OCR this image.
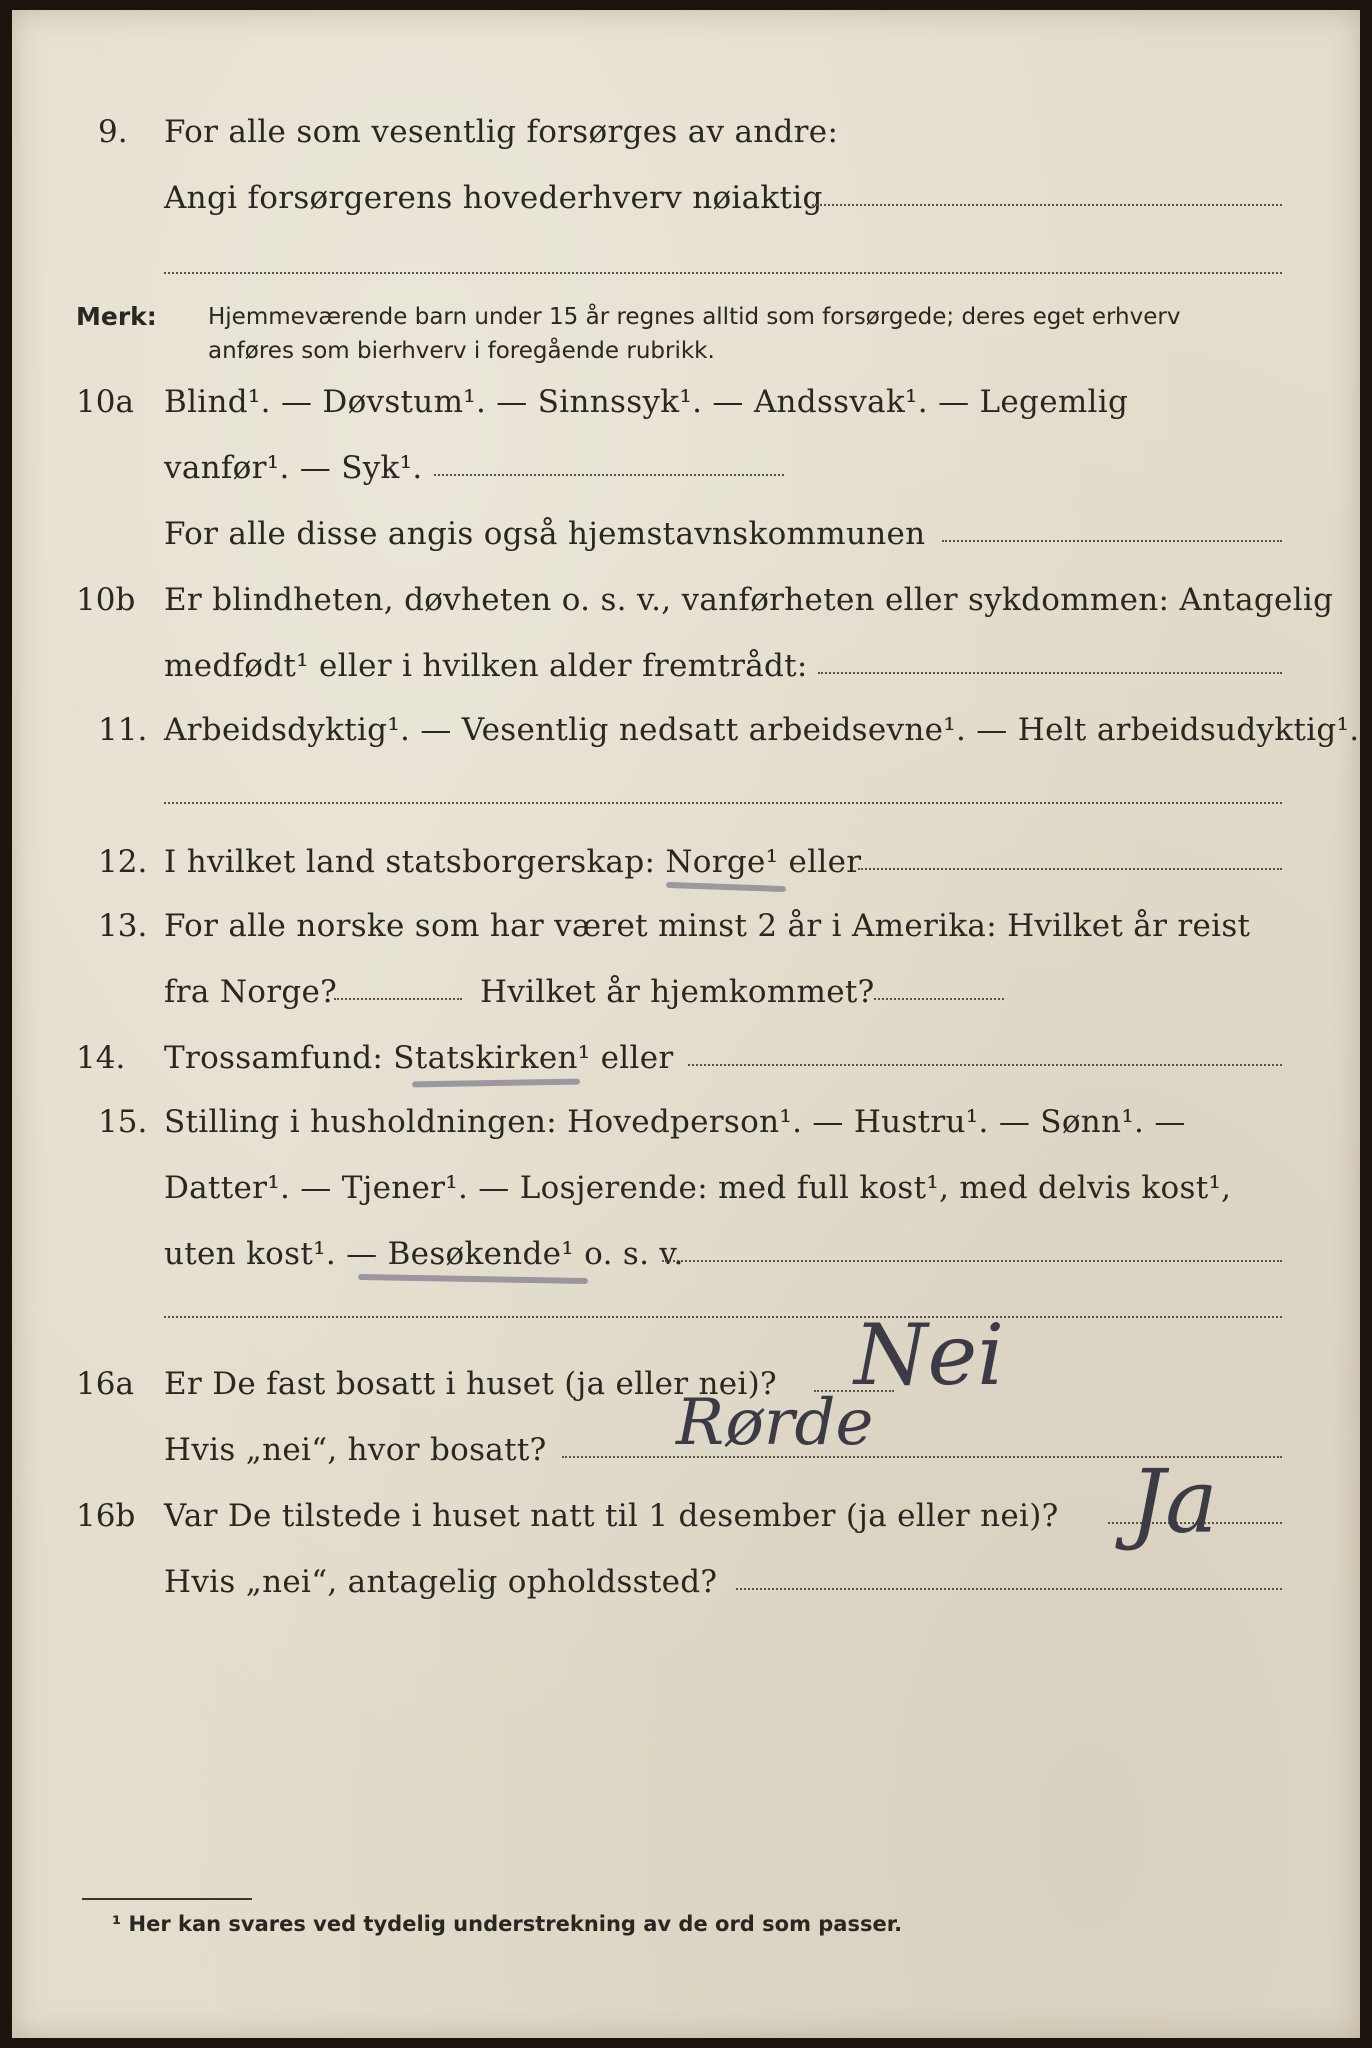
9. For alle som vesentlig forsørges av andre:
Angi forsørgerens hovederhverv nøiaktig
Merk: Hjemmeværende barn under 15 år regnes alltid som forsørgede; deres eget erhverv
anføres som bierhverv i foregående rubrikk.
10a Blind¹. — Døvstum¹. — Sinnssyk¹. — Andssvak¹. — Legemlig
vanfør¹. — Syk¹.
For alle disse angis også hjemstavnskommunen
10b Er blindheten, døvheten o. s. v., vanførheten eller sykdommen: Antagelig
medfødt¹ eller i hvilken alder fremtrådt:
11. Arbeidsdyktig¹. — Vesentlig nedsatt arbeidsevne¹. — Helt arbeidsudyktig¹.
12. I hvilket land statsborgerskap: Norge¹ eller
13. For alle norske som har været minst 2 år i Amerika: Hvilket år reist
fra Norge?	Hvilket år hjemkommet?
14. Trossamfund: Statskirken¹ eller
15. Stilling i husholdningen: Hovedperson¹. — Hustru¹. — Sønn¹. —
Datter¹. — Tjener¹. — Losjerende: med full kost¹, med delvis kost¹,
uten kost¹. — Besøkende¹ o. s. v.
16a Er De fast bosatt i huset (ja eller nei)? Nei
Hvis „nei“, hvor bosatt? Rørde
16b Var De tilstede i huset natt til 1 desember (ja eller nei)? Ja
Hvis „nei“, antagelig opholdssted?
¹ Her kan svares ved tydelig understrekning av de ord som passer.
